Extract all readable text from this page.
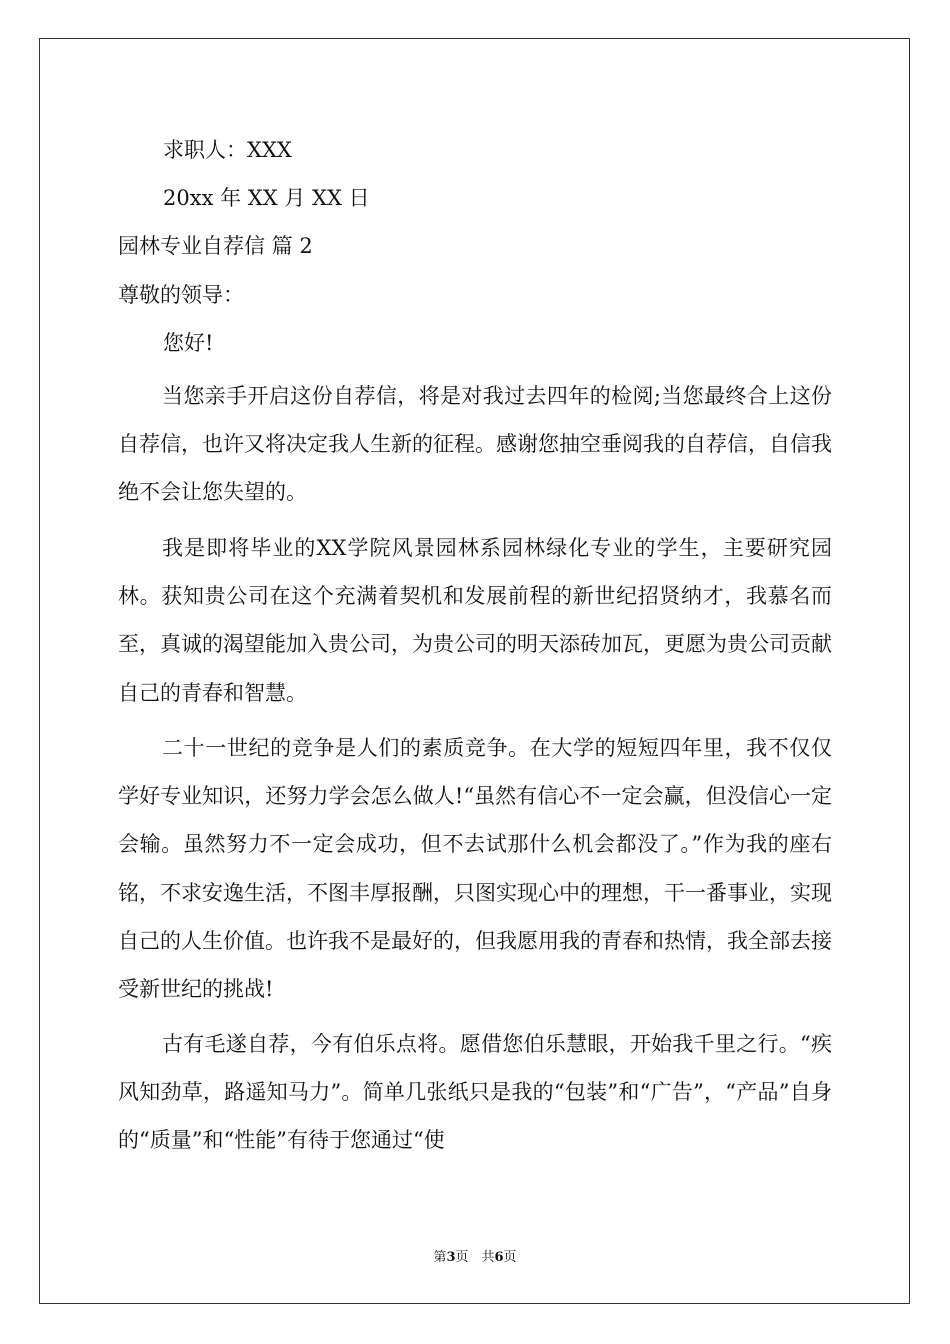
求职人：XXX
20xx 年 XX 月 XX 日
园林专业自荐信 篇 2
尊敬的领导：
您好!
当您亲手开启这份自荐信，将是对我过去四年的检阅;当您最终合上这份自荐信，也许又将决定我人生新的征程。感谢您抽空垂阅我的自荐信，自信我绝不会让您失望的。
我是即将毕业的XX学院风景园林系园林绿化专业的学生，主要研究园林。获知贵公司在这个充满着契机和发展前程的新世纪招贤纳才，我慕名而至，真诚的渴望能加入贵公司，为贵公司的明天添砖加瓦，更愿为贵公司贡献自己的青春和智慧。
二十一世纪的竞争是人们的素质竞争。在大学的短短四年里，我不仅仅学好专业知识，还努力学会怎么做人!“虽然有信心不一定会赢，但没信心一定会输。虽然努力不一定会成功，但不去试那什么机会都没了。”作为我的座右铭，不求安逸生活，不图丰厚报酬，只图实现心中的理想，干一番事业，实现自己的人生价值。也许我不是最好的，但我愿用我的青春和热情，我全部去接受新世纪的挑战!
古有毛遂自荐，今有伯乐点将。愿借您伯乐慧眼，开始我千里之行。“疾风知劲草，路遥知马力”。简单几张纸只是我的“包装”和“广告”，“产品”自身的“质量”和“性能”有待于您通过“使
第3页　共6页
